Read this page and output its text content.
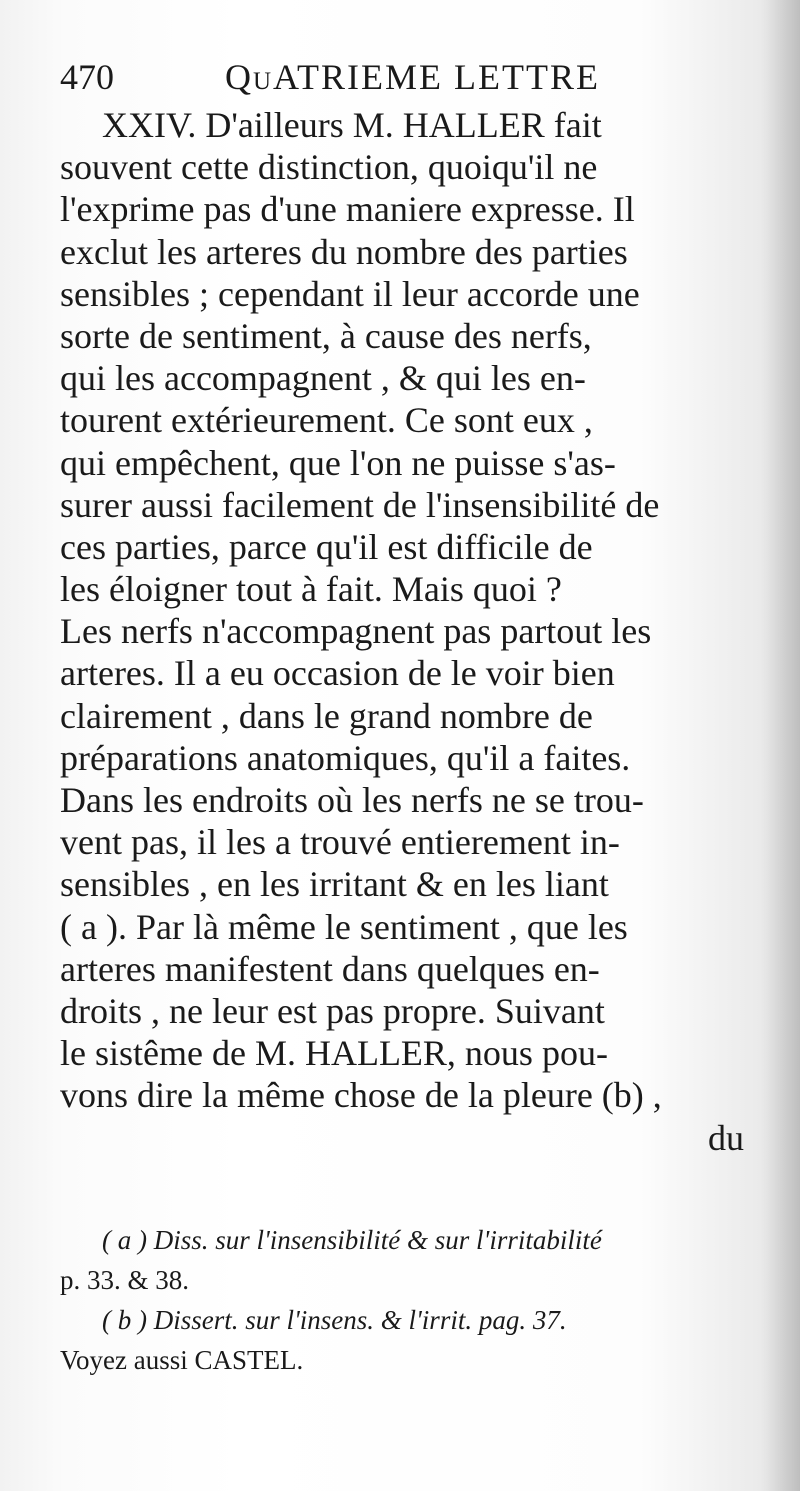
470	QuATRIEME LETTRE
XXIV. D'ailleurs M. HALLER fait
souvent cette distinction, quoiqu'il ne
l'exprime pas d'une maniere expresse. Il
exclut les arteres du nombre des parties
sensibles ; cependant il leur accorde une
sorte de sentiment, à cause des nerfs,
qui les accompagnent , & qui les en-
tourent extérieurement. Ce sont eux ,
qui empêchent, que l'on ne puisse s'as-
surer aussi facilement de l'insensibilité de
ces parties, parce qu'il est difficile de
les éloigner tout à fait. Mais quoi ?
Les nerfs n'accompagnent pas partout les
arteres. Il a eu occasion de le voir bien
clairement , dans le grand nombre de
préparations anatomiques, qu'il a faites.
Dans les endroits où les nerfs ne se trou-
vent pas, il les a trouvé entierement in-
sensibles , en les irritant & en les liant
( a ). Par là même le sentiment , que les
arteres manifestent dans quelques en-
droits , ne leur est pas propre. Suivant
le sistême de M. HALLER, nous pou-
vons dire la même chose de la pleure (b) ,
du
( a ) Diss. sur l'insensibilité & sur l'irritabilité
p. 33. & 38.
( b ) Dissert. sur l'insens. & l'irrit. pag. 37.
Voyez aussi CASTEL.
